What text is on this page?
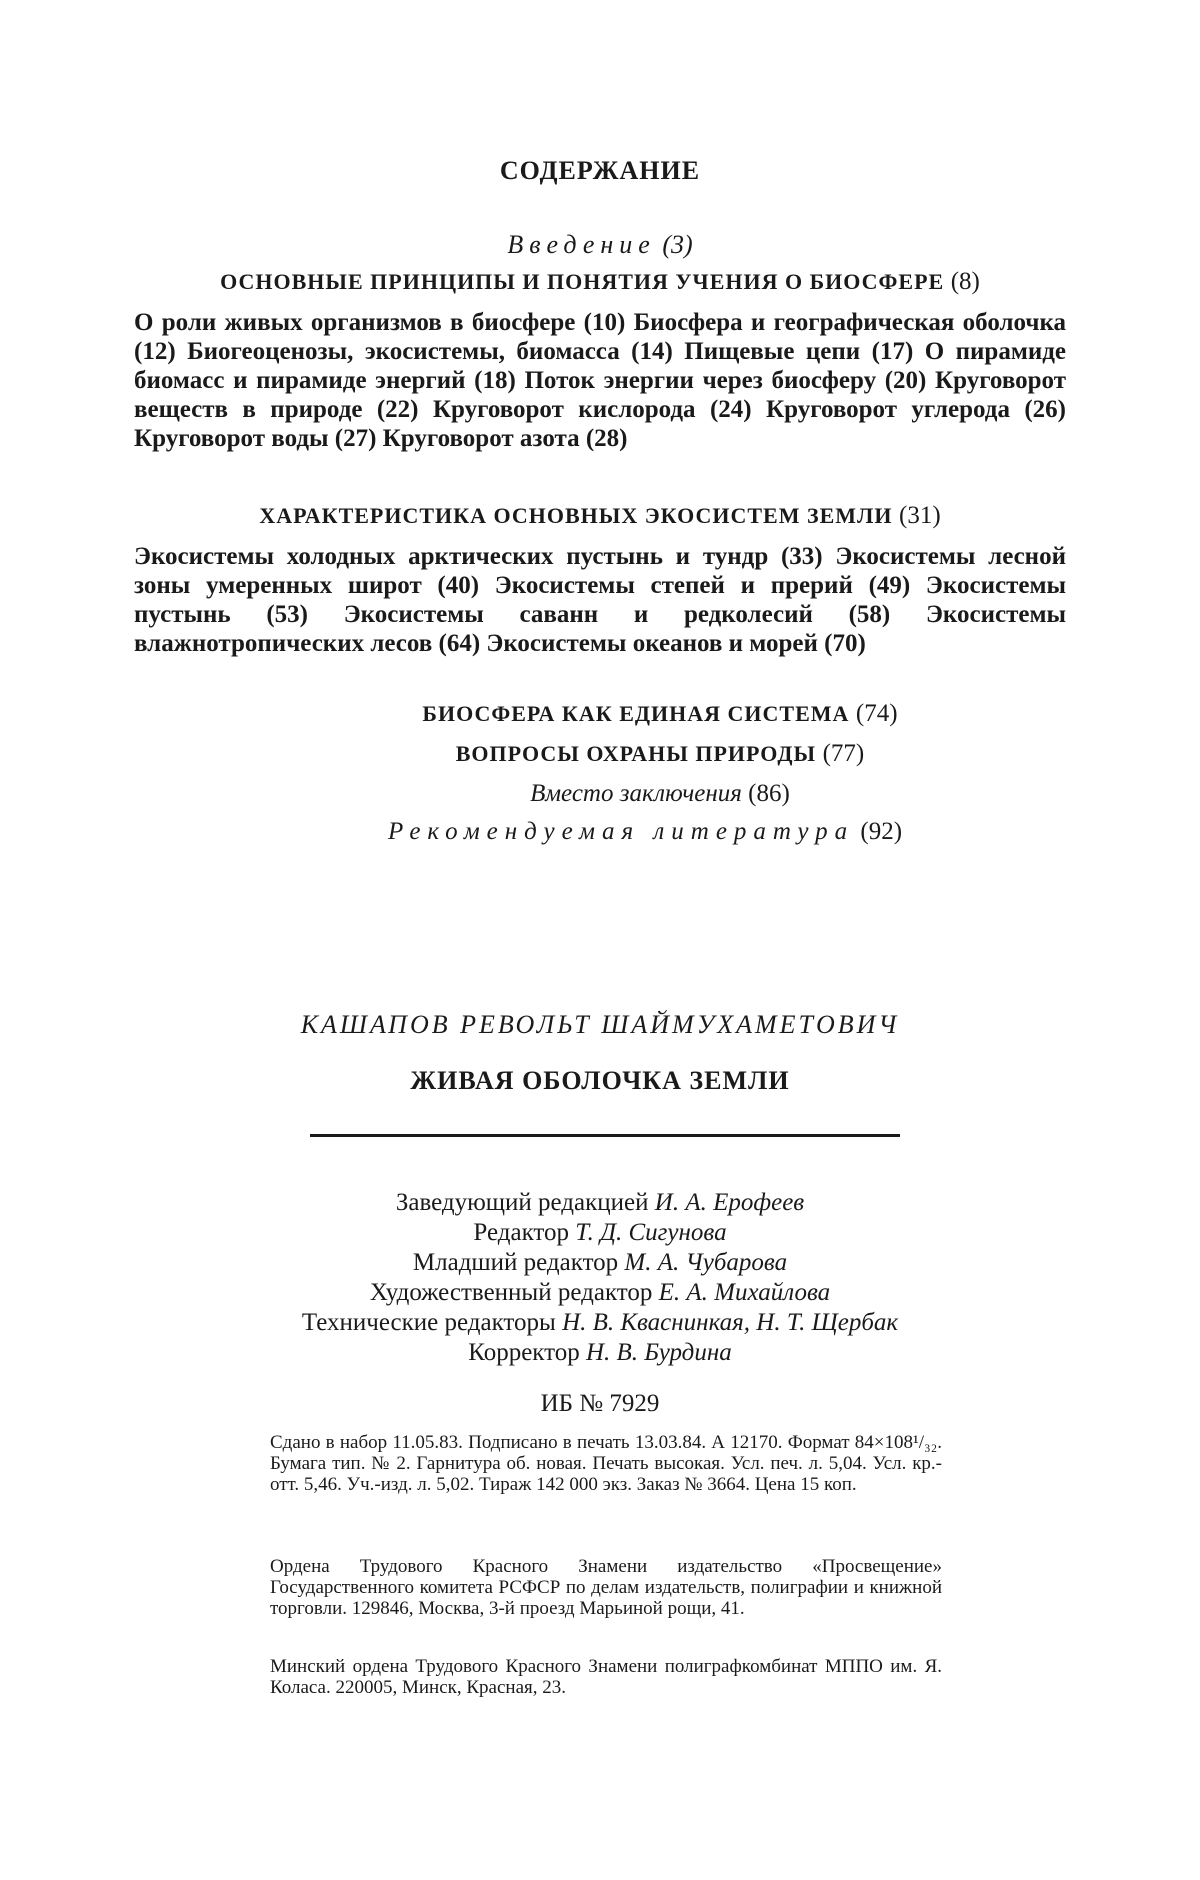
СОДЕРЖАНИЕ
Введение (3)
ОСНОВНЫЕ ПРИНЦИПЫ И ПОНЯТИЯ УЧЕНИЯ О БИОСФЕРЕ (8)
О роли живых организмов в биосфере (10) Биосфера и географическая оболочка (12) Биогеоценозы, экосистемы, биомасса (14) Пищевые цепи (17) О пирамиде биомасс и пирамиде энергий (18) Поток энергии через биосферу (20) Круговорот веществ в природе (22) Круговорот кислорода (24) Круговорот углерода (26) Круговорот воды (27) Круговорот азота (28)
ХАРАКТЕРИСТИКА ОСНОВНЫХ ЭКОСИСТЕМ ЗЕМЛИ (31)
Экосистемы холодных арктических пустынь и тундр (33) Экосистемы лесной зоны умеренных широт (40) Экосистемы степей и прерий (49) Экосистемы пустынь (53) Экосистемы саванн и редколесий (58) Экосистемы влажнотропических лесов (64) Экосистемы океанов и морей (70)
БИОСФЕРА КАК ЕДИНАЯ СИСТЕМА (74)
ВОПРОСЫ ОХРАНЫ ПРИРОДЫ (77)
Вместо заключения (86)
Рекомендуемая литература (92)
КАШАПОВ РЕВОЛЬТ ШАЙМУХАМЕТОВИЧ
ЖИВАЯ ОБОЛОЧКА ЗЕМЛИ
Заведующий редакцией И. А. Ерофеев
Редактор Т. Д. Сигунова
Младший редактор М. А. Чубарова
Художественный редактор Е. А. Михайлова
Технические редакторы Н. В. Кваснинкая, Н. Т. Щербак
Корректор Н. В. Бурдина
ИБ № 7929
Сдано в набор 11.05.83. Подписано в печать 13.03.84. А 12170. Формат 84×108¹/₃₂. Бумага тип. № 2. Гарнитура об. новая. Печать высокая. Усл. печ. л. 5,04. Усл. кр.-отт. 5,46. Уч.-изд. л. 5,02. Тираж 142 000 экз. Заказ № 3664. Цена 15 коп.
Ордена Трудового Красного Знамени издательство «Просвещение» Государственного комитета РСФСР по делам издательств, полиграфии и книжной торговли. 129846, Москва, 3-й проезд Марьиной рощи, 41.
Минский ордена Трудового Красного Знамени полиграфкомбинат МППО им. Я. Коласа. 220005, Минск, Красная, 23.
